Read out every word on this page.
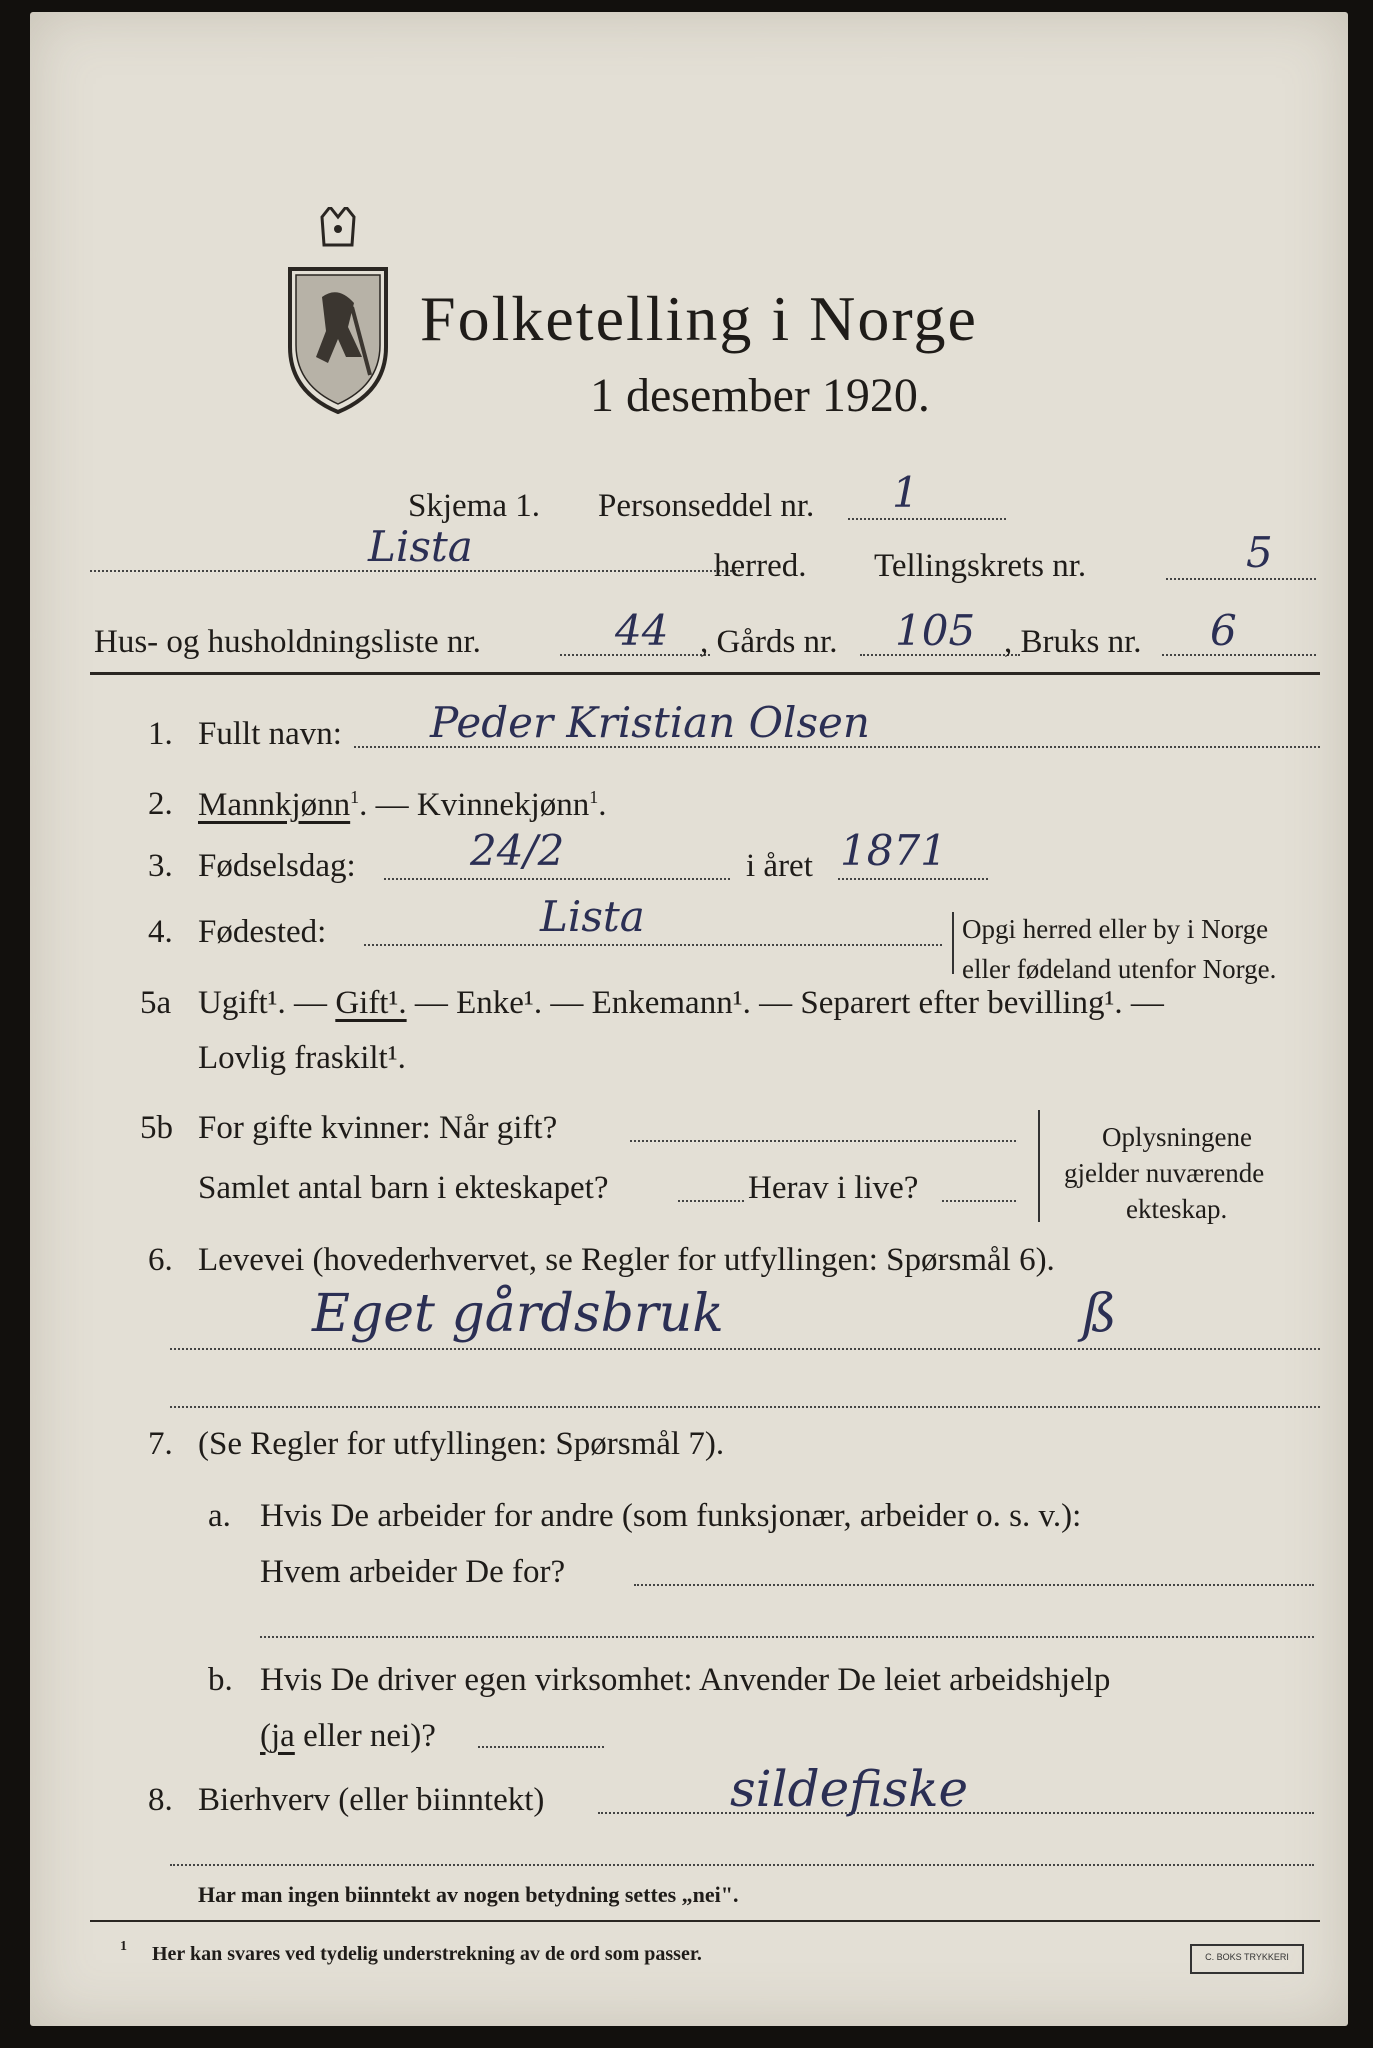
Folketelling i Norge
1 desember 1920.
Skjema 1. Personseddel nr. 1
Lista	herred. Tellingskrets nr.	5
Hus- og husholdningsliste nr.	44 , Gårds nr. 105 , Bruks nr. 6
1. Fullt navn: Peder Kristian Olsen
2. Mannkjønn$^1$. — Kvinnekjønn$^1$.
3. Fødselsdag:	24/2	i året 1871
4. Fødested:	Lista	Opgi herred eller by i Norge
eller fødeland utenfor Norge.
5a Ugift¹. — Gift¹. — Enke¹. — Enkemann¹. — Separert efter bevilling¹. —
Lovlig fraskilt¹.
5b For gifte kvinner: Når gift?
Samlet antal barn i ekteskapet?	Herav i live?
Oplysningene
gjelder nuværende
ekteskap.
6. Levevei (hovederhvervet, se Regler for utfyllingen: Spørsmål 6).
Eget gårdsbruk	ß
7. (Se Regler for utfyllingen: Spørsmål 7).
a. Hvis De arbeider for andre (som funksjonær, arbeider o. s. v.):
Hvem arbeider De for?
b. Hvis De driver egen virksomhet: Anvender De leiet arbeidshjelp
(ja eller nei)?
8. Bierhverv (eller biinntekt)	sildefiske
Har man ingen biinntekt av nogen betydning settes „nei".
1 Her kan svares ved tydelig understrekning av de ord som passer.	C. BOKS TRYKKERI
